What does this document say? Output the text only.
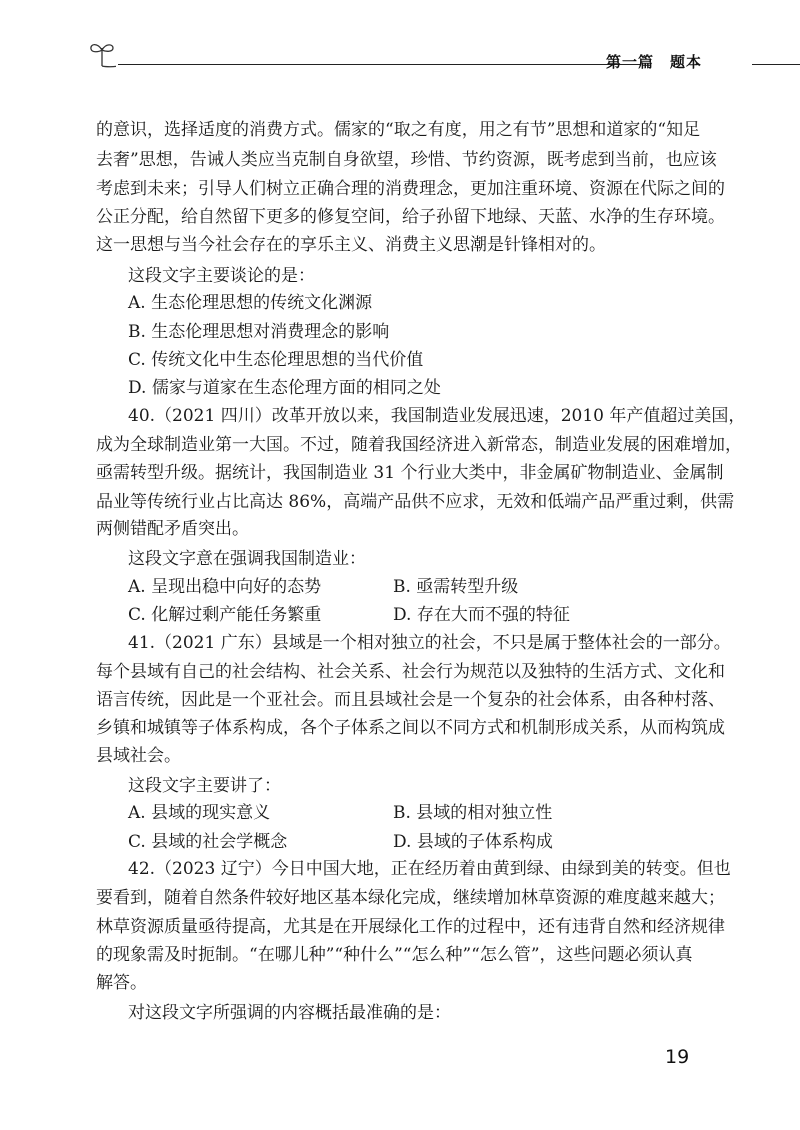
第一篇　题本
的意识，选择适度的消费方式。儒家的“取之有度，用之有节”思想和道家的“知足
去奢”思想，告诫人类应当克制自身欲望，珍惜、节约资源，既考虑到当前，也应该
考虑到未来；引导人们树立正确合理的消费理念，更加注重环境、资源在代际之间的
公正分配，给自然留下更多的修复空间，给子孙留下地绿、天蓝、水净的生存环境。
这一思想与当今社会存在的享乐主义、消费主义思潮是针锋相对的。
这段文字主要谈论的是：
A. 生态伦理思想的传统文化渊源
B. 生态伦理思想对消费理念的影响
C. 传统文化中生态伦理思想的当代价值
D. 儒家与道家在生态伦理方面的相同之处
40.（2021 四川）改革开放以来，我国制造业发展迅速，2010 年产值超过美国，
成为全球制造业第一大国。不过，随着我国经济进入新常态，制造业发展的困难增加，
亟需转型升级。据统计，我国制造业 31 个行业大类中，非金属矿物制造业、金属制
品业等传统行业占比高达 86%，高端产品供不应求，无效和低端产品严重过剩，供需
两侧错配矛盾突出。
这段文字意在强调我国制造业：
A. 呈现出稳中向好的态势	B. 亟需转型升级
C. 化解过剩产能任务繁重	D. 存在大而不强的特征
41.（2021 广东）县域是一个相对独立的社会，不只是属于整体社会的一部分。
每个县域有自己的社会结构、社会关系、社会行为规范以及独特的生活方式、文化和
语言传统，因此是一个亚社会。而且县域社会是一个复杂的社会体系，由各种村落、
乡镇和城镇等子体系构成，各个子体系之间以不同方式和机制形成关系，从而构筑成
县域社会。
这段文字主要讲了：
A. 县域的现实意义	B. 县域的相对独立性
C. 县域的社会学概念	D. 县域的子体系构成
42.（2023 辽宁）今日中国大地，正在经历着由黄到绿、由绿到美的转变。但也
要看到，随着自然条件较好地区基本绿化完成，继续增加林草资源的难度越来越大；
林草资源质量亟待提高，尤其是在开展绿化工作的过程中，还有违背自然和经济规律
的现象需及时扼制。“在哪儿种”“种什么”“怎么种”“怎么管”，这些问题必须认真
解答。
对这段文字所强调的内容概括最准确的是：
19
